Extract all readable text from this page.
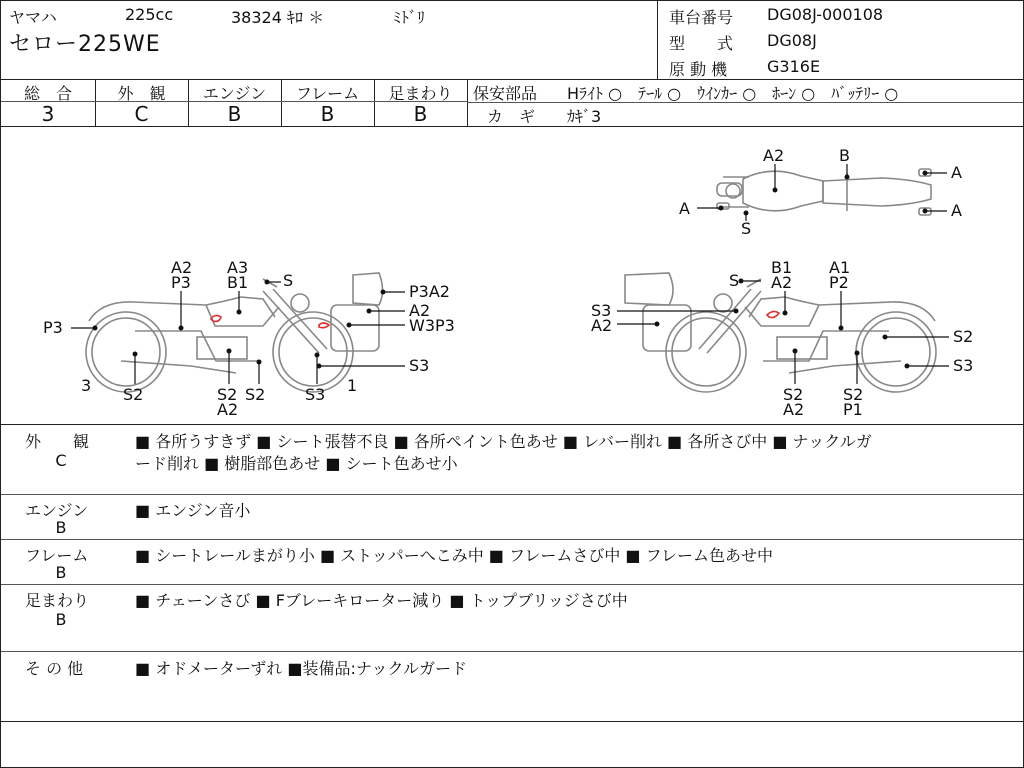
ヤマハ	225cc	38324 ｷﾛ ＊	ﾐﾄﾞﾘ
セロー225WE
車台番号 DG08J-000108
型　　式 DG08J
原 動 機 G316E
総　合
3
外　観
C
エンジン
B
フレーム
B
足まわり
B
保安部品 Hﾗｲﾄ ○　ﾃｰﾙ ○　ｳｲﾝｶｰ ○　ﾎｰﾝ ○　ﾊﾞｯﾃﾘｰ ○
カ　ギ ｶｷﾞ3
A2	B
A
A
A
S
A2
P3
A3
B1 S
P3A2
A2
W3P3
P3
S3
3 S2	S2 S2
A2
S3 1
S
B1
A2
A1
P2
S3
A2
S2
S3
S2
A2
S2
P1
外　　観
C
■ 各所うすきず ■ シート張替不良 ■ 各所ペイント色あせ ■ レバー削れ ■ 各所さび中 ■ ナックルガ
ード削れ ■ 樹脂部色あせ ■ シート色あせ小
エンジン
B
■ エンジン音小
フレーム
B
■ シートレールまがり小 ■ ストッパーへこみ中 ■ フレームさび中 ■ フレーム色あせ中
足まわり
B
■ チェーンさび ■ Fブレーキローター減り ■ トップブリッジさび中
そ の 他	■ オドメーターずれ ■装備品:ナックルガード
